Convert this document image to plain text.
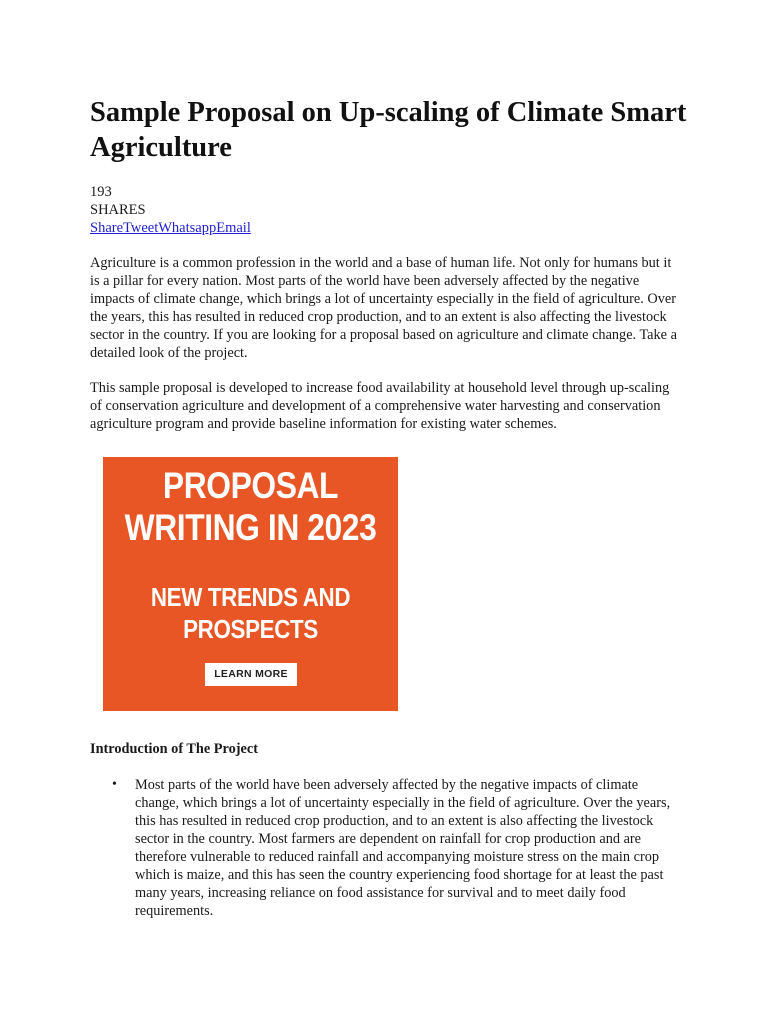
Sample Proposal on Up-scaling of Climate Smart Agriculture
193
SHARES
ShareTweetWhatsappEmail

Agriculture is a common profession in the world and a base of human life. Not only for humans but it is a pillar for every nation. Most parts of the world have been adversely affected by the negative impacts of climate change, which brings a lot of uncertainty especially in the field of agriculture. Over the years, this has resulted in reduced crop production, and to an extent is also affecting the livestock sector in the country. If you are looking for a proposal based on agriculture and climate change. Take a detailed look of the project.

This sample proposal is developed to increase food availability at household level through up-scaling of conservation agriculture and development of a comprehensive water harvesting and conservation agriculture program and provide baseline information for existing water schemes.

PROPOSAL
WRITING IN 2023
NEW TRENDS AND
PROSPECTS
LEARN MORE
Introduction of The Project
• Most parts of the world have been adversely affected by the negative impacts of climate change, which brings a lot of uncertainty especially in the field of agriculture. Over the years, this has resulted in reduced crop production, and to an extent is also affecting the livestock sector in the country. Most farmers are dependent on rainfall for crop production and are therefore vulnerable to reduced rainfall and accompanying moisture stress on the main crop which is maize, and this has seen the country experiencing food shortage for at least the past many years, increasing reliance on food assistance for survival and to meet daily food requirements.
